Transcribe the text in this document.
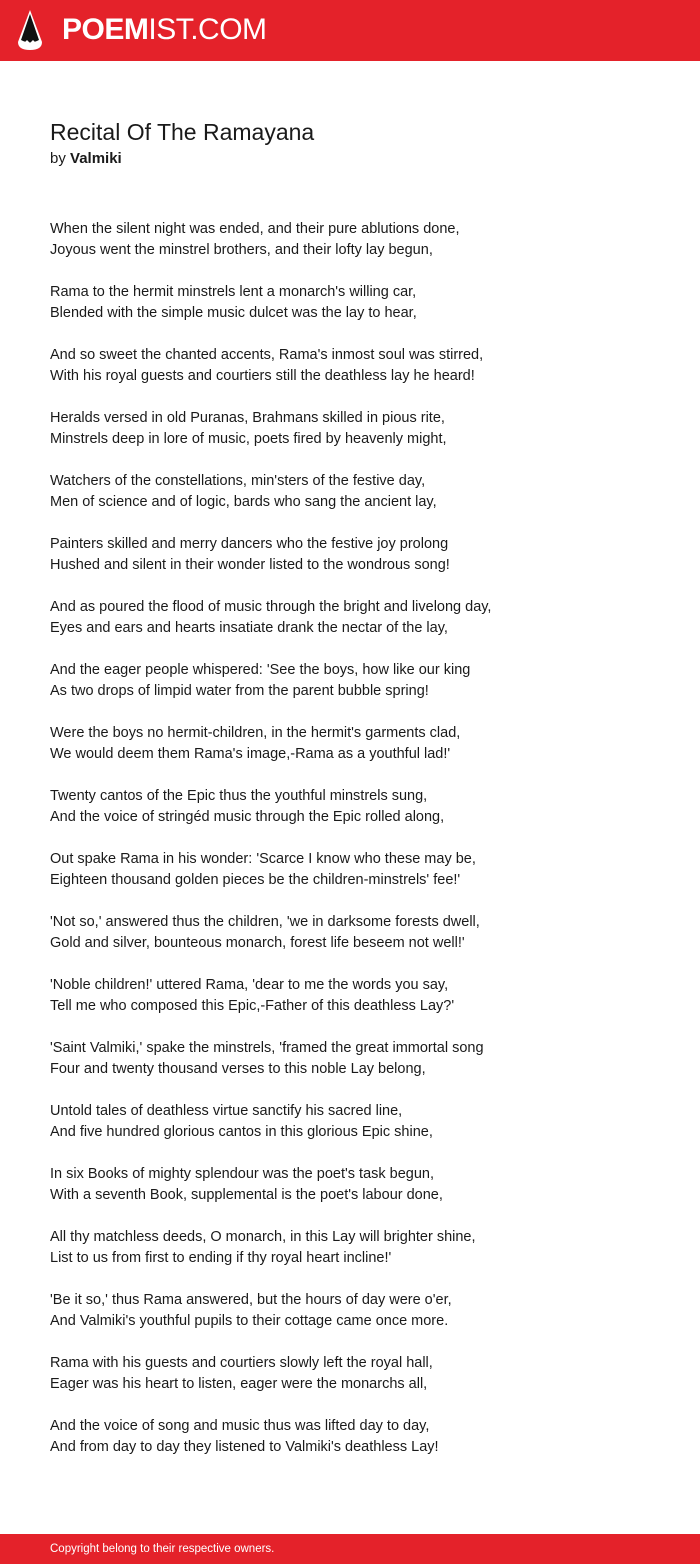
POEMIST.COM
Recital Of The Ramayana

by Valmiki

When the silent night was ended, and their pure ablutions done,
Joyous went the minstrel brothers, and their lofty lay begun,

Rama to the hermit minstrels lent a monarch's willing car,
Blended with the simple music dulcet was the lay to hear,

And so sweet the chanted accents, Rama's inmost soul was stirred,
With his royal guests and courtiers still the deathless lay he heard!

Heralds versed in old Puranas, Brahmans skilled in pious rite,
Minstrels deep in lore of music, poets fired by heavenly might,

Watchers of the constellations, min'sters of the festive day,
Men of science and of logic, bards who sang the ancient lay,

Painters skilled and merry dancers who the festive joy prolong
Hushed and silent in their wonder listed to the wondrous song!

And as poured the flood of music through the bright and livelong day,
Eyes and ears and hearts insatiate drank the nectar of the lay,

And the eager people whispered: 'See the boys, how like our king
As two drops of limpid water from the parent bubble spring!

Were the boys no hermit-children, in the hermit's garments clad,
We would deem them Rama's image,-Rama as a youthful lad!'

Twenty cantos of the Epic thus the youthful minstrels sung,
And the voice of stringéd music through the Epic rolled along,

Out spake Rama in his wonder: 'Scarce I know who these may be,
Eighteen thousand golden pieces be the children-minstrels' fee!'

'Not so,' answered thus the children, 'we in darksome forests dwell,
Gold and silver, bounteous monarch, forest life beseem not well!'

'Noble children!' uttered Rama, 'dear to me the words you say,
Tell me who composed this Epic,-Father of this deathless Lay?'

'Saint Valmiki,' spake the minstrels, 'framed the great immortal song
Four and twenty thousand verses to this noble Lay belong,

Untold tales of deathless virtue sanctify his sacred line,
And five hundred glorious cantos in this glorious Epic shine,

In six Books of mighty splendour was the poet's task begun,
With a seventh Book, supplemental is the poet's labour done,

All thy matchless deeds, O monarch, in this Lay will brighter shine,
List to us from first to ending if thy royal heart incline!'

'Be it so,' thus Rama answered, but the hours of day were o'er,
And Valmiki's youthful pupils to their cottage came once more.

Rama with his guests and courtiers slowly left the royal hall,
Eager was his heart to listen, eager were the monarchs all,

And the voice of song and music thus was lifted day to day,
And from day to day they listened to Valmiki's deathless Lay!

Copyright belong to their respective owners.
